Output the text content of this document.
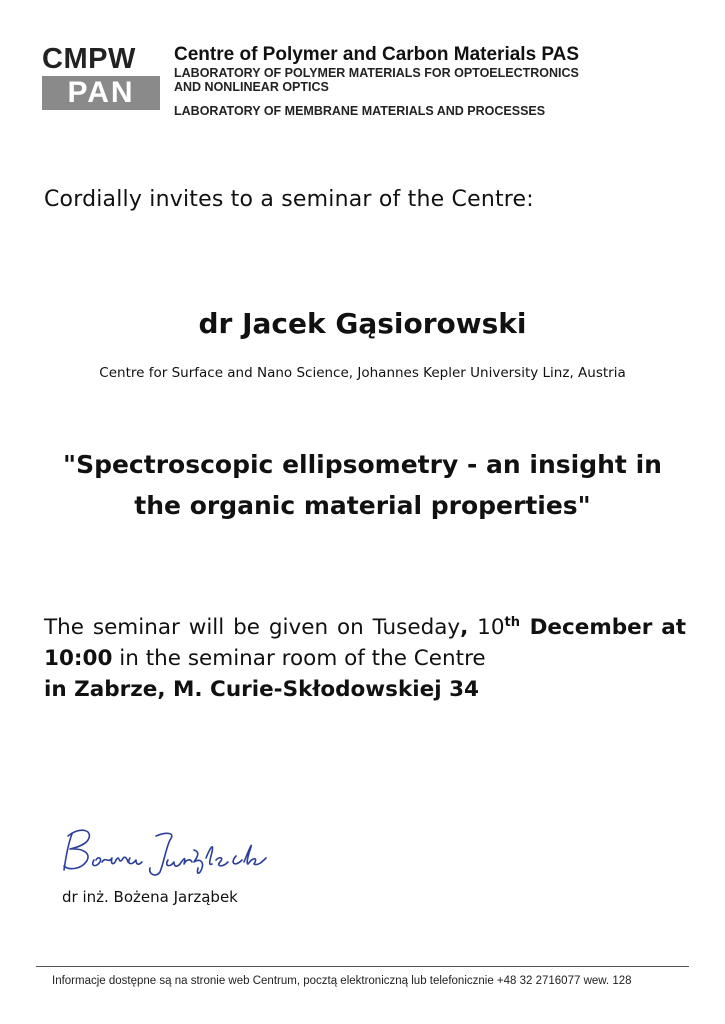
CMPW
PAN
Centre of Polymer and Carbon Materials PAS
LABORATORY OF POLYMER MATERIALS FOR OPTOELECTRONICS
AND NONLINEAR OPTICS
LABORATORY OF MEMBRANE MATERIALS AND PROCESSES
Cordially invites to a seminar of the Centre:
dr Jacek Gąsiorowski
Centre for Surface and Nano Science, Johannes Kepler University Linz, Austria
"Spectroscopic ellipsometry - an insight in
the organic material properties"
The seminar will be given on Tuseday, 10th December at 10:00 in the seminar room of the Centre
in Zabrze, M. Curie-Skłodowskiej 34
dr inż. Bożena Jarząbek
Informacje dostępne są na stronie web Centrum, pocztą elektroniczną lub telefonicznie +48 32 2716077 wew. 128
